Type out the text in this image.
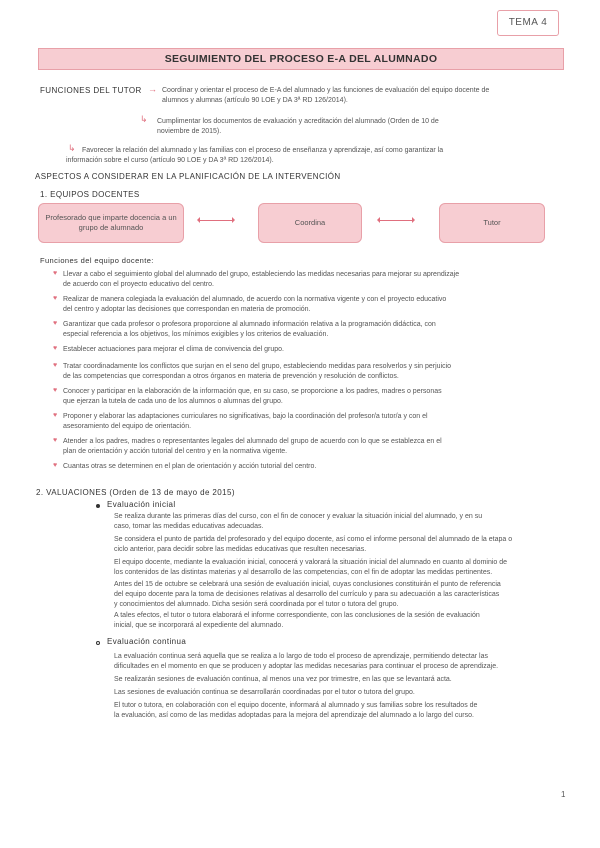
TEMA 4
SEGUIMIENTO DEL PROCESO E-A DEL ALUMNADO
FUNCIONES DEL TUTOR → Coordinar y orientar el proceso de E-A del alumnado y las funciones de evaluación del equipo docente de
alumnos y alumnas (artículo 90 LOE y DA 3ª RD 126/2014).
↳ Cumplimentar los documentos de evaluación y acreditación del alumnado (Orden de 10 de
noviembre de 2015).
↳ Favorecer la relación del alumnado y las familias con el proceso de enseñanza y aprendizaje, así como garantizar la
información sobre el curso (artículo 90 LOE y DA 3ª RD 126/2014).
ASPECTOS A CONSIDERAR EN LA PLANIFICACIÓN DE LA INTERVENCIÓN
1. EQUIPOS DOCENTES
Profesorado que imparte docencia a un grupo de alumnado
Coordina	Tutor
Funciones del equipo docente:
♥ Llevar a cabo el seguimiento global del alumnado del grupo, estableciendo las medidas necesarias para mejorar su aprendizaje
de acuerdo con el proyecto educativo del centro.
♥ Realizar de manera colegiada la evaluación del alumnado, de acuerdo con la normativa vigente y con el proyecto educativo
del centro y adoptar las decisiones que correspondan en materia de promoción.
♥ Garantizar que cada profesor o profesora proporcione al alumnado información relativa a la programación didáctica, con
especial referencia a los objetivos, los mínimos exigibles y los criterios de evaluación.
♥ Establecer actuaciones para mejorar el clima de convivencia del grupo.
♥ Tratar coordinadamente los conflictos que surjan en el seno del grupo, estableciendo medidas para resolverlos y sin perjuicio
de las competencias que correspondan a otros órganos en materia de prevención y resolución de conflictos.
♥ Conocer y participar en la elaboración de la información que, en su caso, se proporcione a los padres, madres o personas
que ejerzan la tutela de cada uno de los alumnos o alumnas del grupo.
♥ Proponer y elaborar las adaptaciones curriculares no significativas, bajo la coordinación del profesor/a tutor/a y con el
asesoramiento del equipo de orientación.
♥ Atender a los padres, madres o representantes legales del alumnado del grupo de acuerdo con lo que se establezca en el
plan de orientación y acción tutorial del centro y en la normativa vigente.
♥ Cuantas otras se determinen en el plan de orientación y acción tutorial del centro.
2. VALUACIONES (Orden de 13 de mayo de 2015)
Evaluación inicial
Se realiza durante las primeras días del curso, con el fin de conocer y evaluar la situación inicial del alumnado, y en su
caso, tomar las medidas educativas adecuadas.
Se considera el punto de partida del profesorado y del equipo docente, así como el informe personal del alumnado de la etapa o
ciclo anterior, para decidir sobre las medidas educativas que resulten necesarias.
El equipo docente, mediante la evaluación inicial, conocerá y valorará la situación inicial del alumnado en cuanto al dominio de
los contenidos de las distintas materias y al desarrollo de las competencias, con el fin de adoptar las medidas pertinentes.
Antes del 15 de octubre se celebrará una sesión de evaluación inicial, cuyas conclusiones constituirán el punto de referencia
del equipo docente para la toma de decisiones relativas al desarrollo del currículo y para su adecuación a las características
y conocimientos del alumnado. Dicha sesión será coordinada por el tutor o tutora del grupo.
A tales efectos, el tutor o tutora elaborará el informe correspondiente, con las conclusiones de la sesión de evaluación
inicial, que se incorporará al expediente del alumnado.
Evaluación continua
La evaluación continua será aquella que se realiza a lo largo de todo el proceso de aprendizaje, permitiendo detectar las
dificultades en el momento en que se producen y adoptar las medidas necesarias para continuar el proceso de aprendizaje.
Se realizarán sesiones de evaluación continua, al menos una vez por trimestre, en las que se levantará acta.
Las sesiones de evaluación continua se desarrollarán coordinadas por el tutor o tutora del grupo.
El tutor o tutora, en colaboración con el equipo docente, informará al alumnado y sus familias sobre los resultados de
la evaluación, así como de las medidas adoptadas para la mejora del aprendizaje del alumnado a lo largo del curso.
1
